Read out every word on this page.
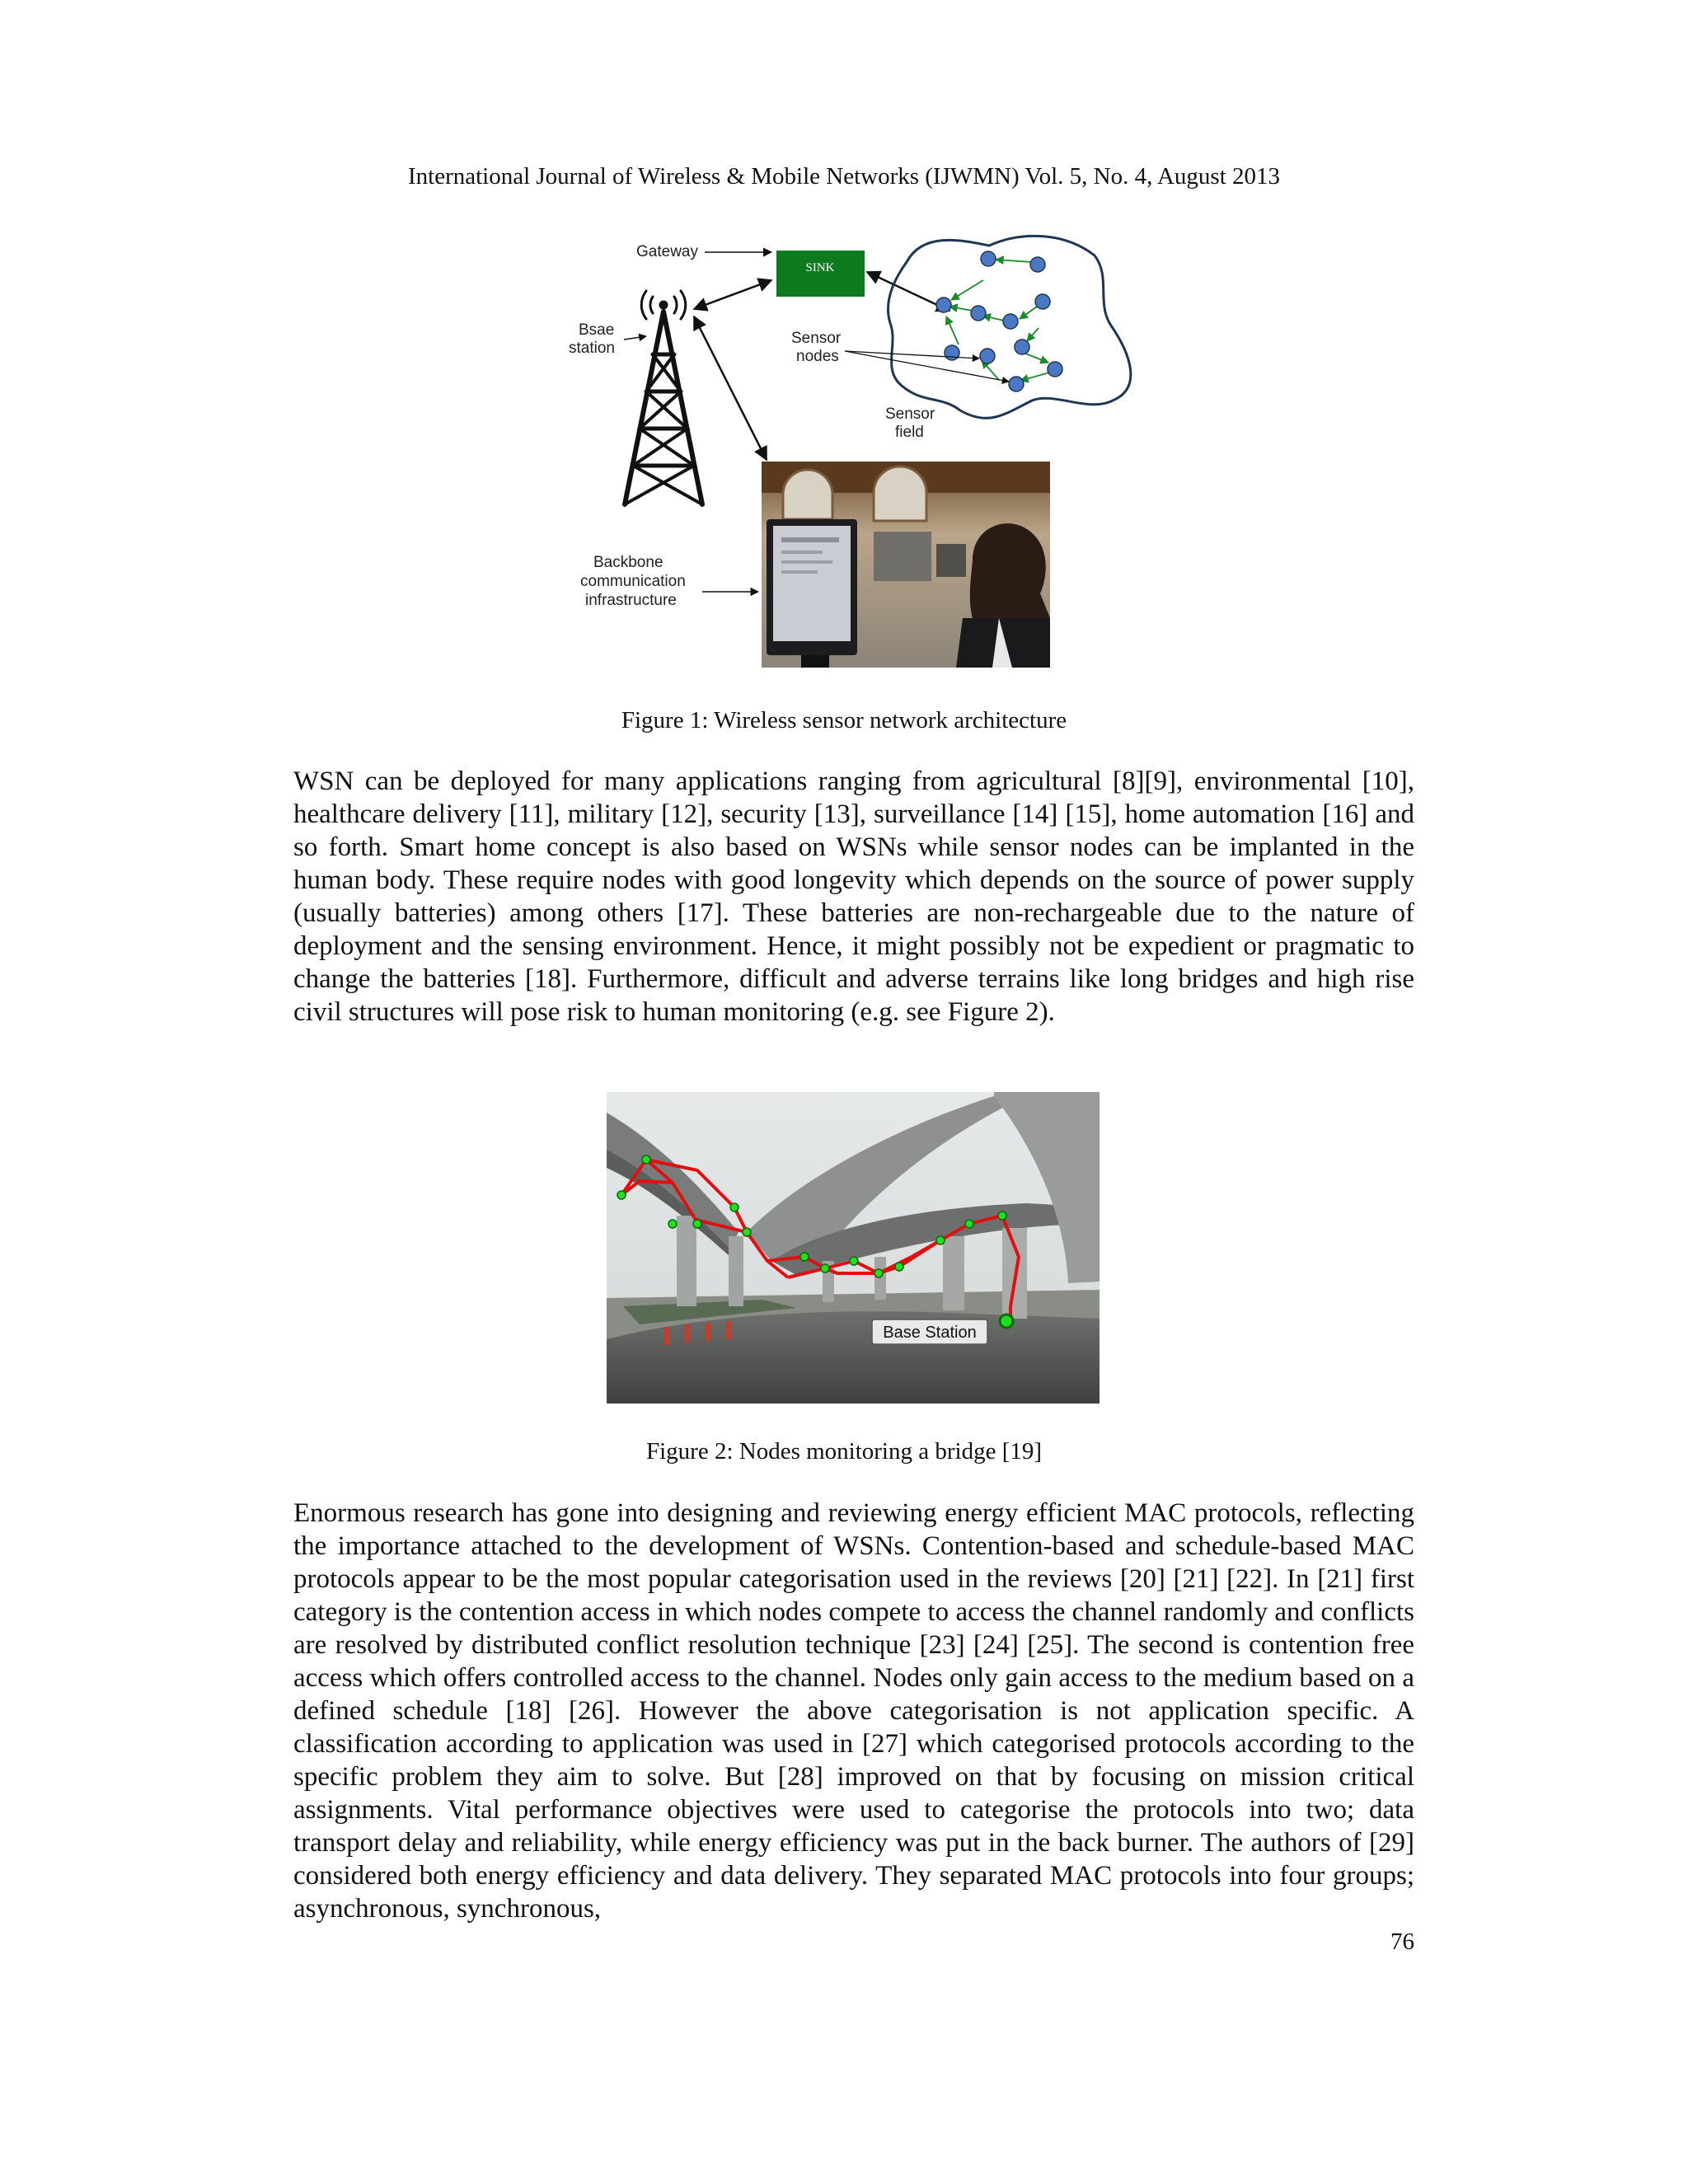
International Journal of Wireless & Mobile Networks (IJWMN) Vol. 5, No. 4, August 2013
Gateway
SINK
Bsae
station
Sensor
nodes
Sensor
field
Backbone
communication
infrastructure
Figure 1: Wireless sensor network architecture

WSN can be deployed for many applications ranging from agricultural [8][9], environmental [10], healthcare delivery [11], military [12], security [13], surveillance [14] [15], home automation [16] and so forth. Smart home concept is also based on WSNs while sensor nodes can be implanted in the human body. These require nodes with good longevity which depends on the source of power supply (usually batteries) among others [17]. These batteries are non-rechargeable due to the nature of deployment and the sensing environment. Hence, it might possibly not be expedient or pragmatic to change the batteries [18]. Furthermore, difficult and adverse terrains like long bridges and high rise civil structures will pose risk to human monitoring (e.g. see Figure 2).

Base Station
Figure 2: Nodes monitoring a bridge [19]

Enormous research has gone into designing and reviewing energy efficient MAC protocols, reflecting the importance attached to the development of WSNs. Contention-based and schedule-based MAC protocols appear to be the most popular categorisation used in the reviews [20] [21] [22]. In [21] first category is the contention access in which nodes compete to access the channel randomly and conflicts are resolved by distributed conflict resolution technique [23] [24] [25]. The second is contention free access which offers controlled access to the channel. Nodes only gain access to the medium based on a defined schedule [18] [26]. However the above categorisation is not application specific. A classification according to application was used in [27] which categorised protocols according to the specific problem they aim to solve. But [28] improved on that by focusing on mission critical assignments. Vital performance objectives were used to categorise the protocols into two; data transport delay and reliability, while energy efficiency was put in the back burner. The authors of [29] considered both energy efficiency and data delivery. They separated MAC protocols into four groups; asynchronous, synchronous,

76
